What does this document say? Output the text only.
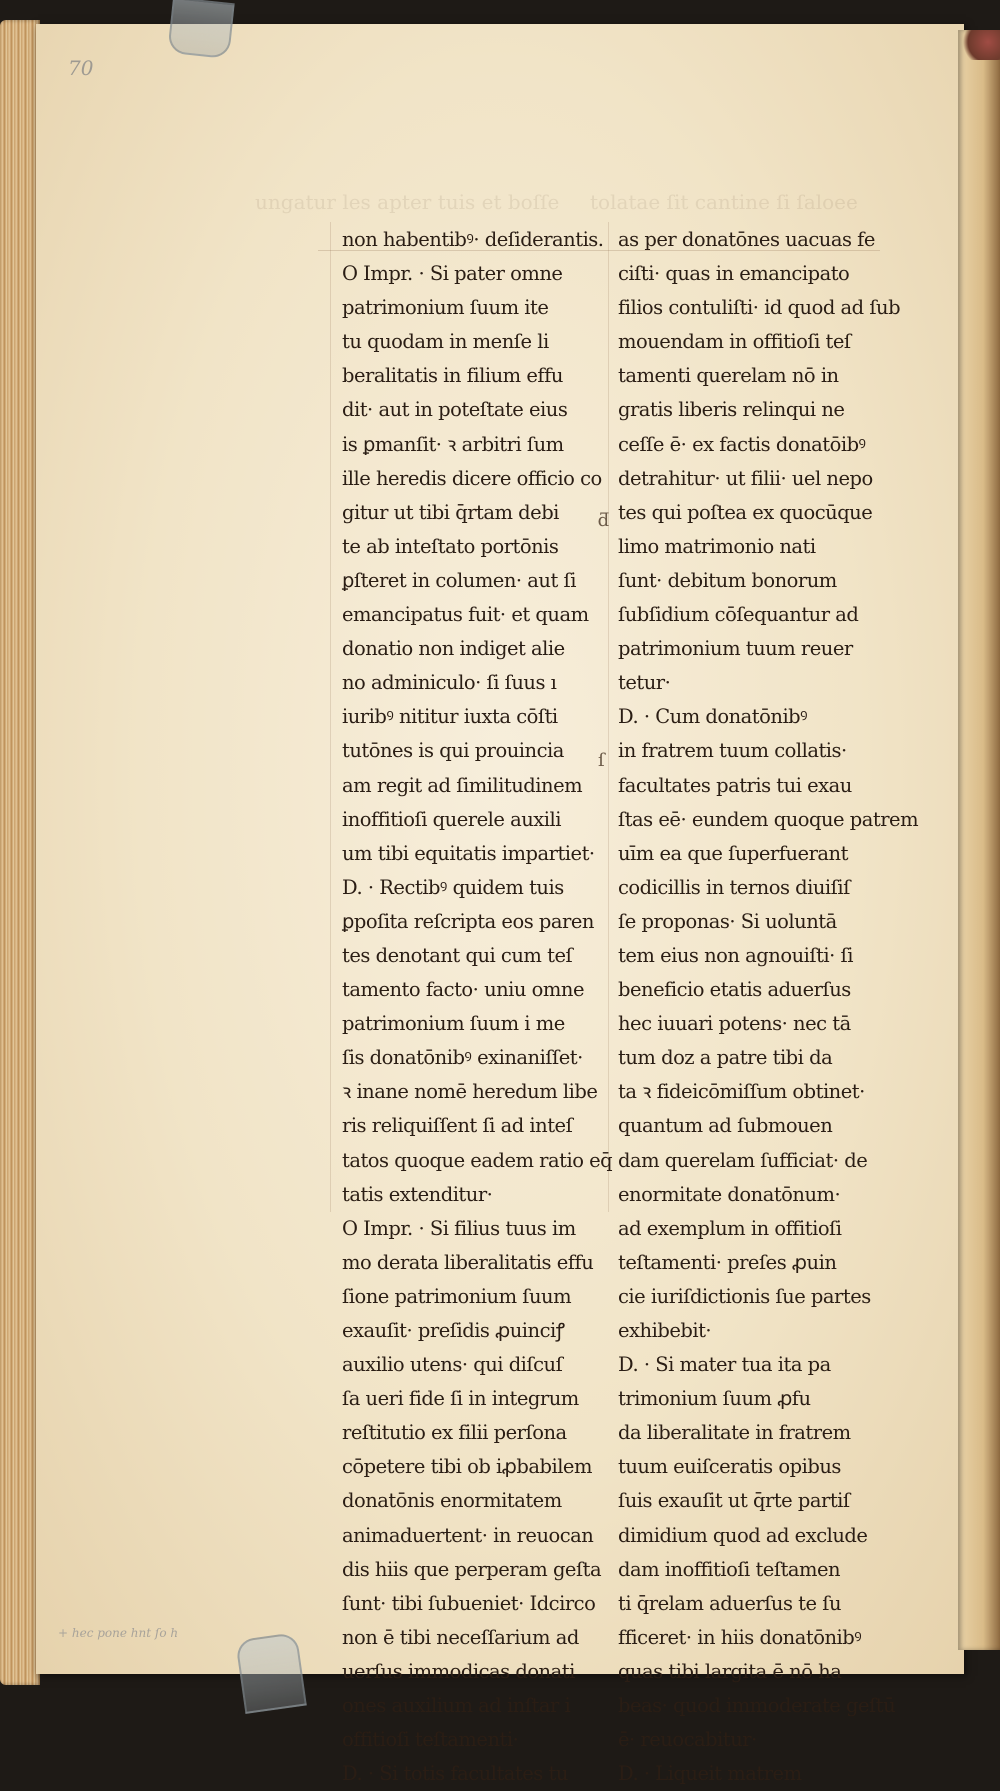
70
ungatur les apter tuis et boſſe	tolatae ſit cantine ſi ſaloee
non habentibꝰ· deſiderantis.
O Impr. · Si pater omne
patrimonium ſuum ite
tu quodam in menſe li
beralitatis in filium effu
dit· aut in poteſtate eius
is ꝑmanſit· ꝛ arbitri ſum
ille heredis dicere officio co
gitur ut tibi q̄rtam debi
te ab inteſtato portōnis
ꝑſteret in columen· aut ſi
emancipatus fuit· et quam
donatio non indiget alie
no adminiculo· ſi ſuus ı
iuribꝰ nititur iuxta cōſti
tutōnes is qui prouincia
am regit ad ſimilitudinem
inoffitioſi querele auxili
um tibi equitatis impartiet·
D. · Rectibꝰ quidem tuis
ꝑpoſita reſcripta eos paren
tes denotant qui cum teſ
tamento facto· uniu omne
patrimonium ſuum i me
ſis donatōnibꝰ exinaniſſet·
ꝛ inane nomē heredum libe
ris reliquiſſent ſi ad inteſ
tatos quoque eadem ratio eq̄
tatis extenditur·
O Impr. · Si filius tuus im
mo derata liberalitatis effu
ſione patrimonium ſuum
exauſit· preſidis ꝓuinciꝭ
auxilio utens· qui diſcuſ
ſa ueri fide ſi in integrum
reſtitutio ex filii perſona
cōpetere tibi ob iꝓbabilem
donatōnis enormitatem
animaduertent· in reuocan
dis hiis que perperam geſta
ſunt· tibi ſubueniet· Idcirco
non ē tibi neceſſarium ad
uerſus immodicas donati
ones auxilium ad inſtar i
offitioſi teſtamenti·
D. · Si totis facultates tu
as per donatōnes uacuas fe
ciſti· quas in emancipato
filios contuliſti· id quod ad ſub
mouendam in offitioſi teſ
tamenti querelam nō in
gratis liberis relinqui ne
ceſſe ē· ex factis donatōibꝰ
detrahitur· ut filii· uel nepo
tes qui poſtea ex quocūque
limo matrimonio nati
ſunt· debitum bonorum
ſubſidium cōſequantur ad
patrimonium tuum reuer
tetur·
D. · Cum donatōnibꝰ
in fratrem tuum collatis·
facultates patris tui exau
ſtas eē· eundem quoque patrem
uīm ea que ſuperfuerant
codicillis in ternos diuiſiſ
ſe proponas· Si uoluntā
tem eius non agnouiſti· ſi
beneficio etatis aduerſus
hec iuuari potens· nec tā
tum doz a patre tibi da
ta ꝛ fideicōmiſſum obtinet·
quantum ad ſubmouen
dam querelam ſufficiat· de
enormitate donatōnum·
ad exemplum in offitioſi
teſtamenti· preſes ꝓuin
cie iuriſdictionis ſue partes
exhibebit·
D. · Si mater tua ita pa
trimonium ſuum ꝓfu
da liberalitate in fratrem
tuum euiſceratis opibus
ſuis exauſit ut q̄rte partiſ
dimidium quod ad exclude
dam inoffitioſi teſtamen
ti q̄relam aduerſus te ſu
fficeret· in hiis donatōnibꝰ
quas tibi largita ē nō ha
beas· quod immoderate geſtū
ē· reuocabitur·
D. · Liqueit matrem
ƌ
ſ
+ hec pone hnt ſo h
